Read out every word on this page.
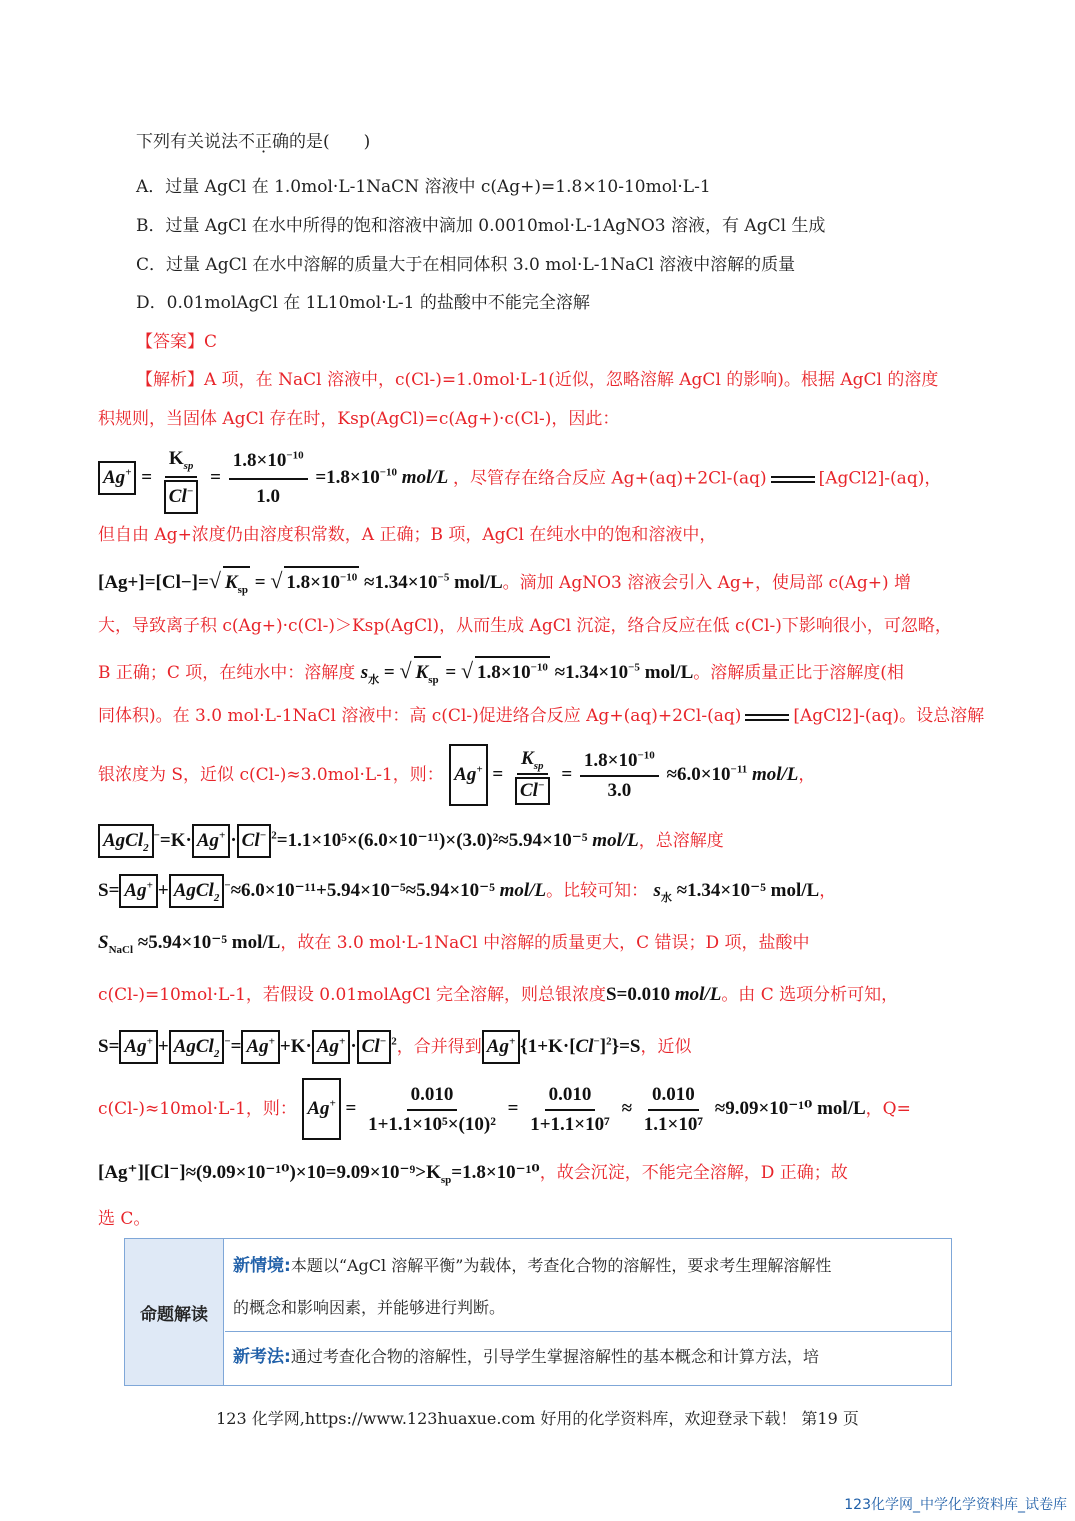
下列有关说法不正确的是(　　)
A．过量 AgCl 在 1.0mol·L-1NaCN 溶液中 c(Ag+)=1.8×10-10mol·L-1
B．过量 AgCl 在水中所得的饱和溶液中滴加 0.0010mol·L-1AgNO3 溶液，有 AgCl 生成
C．过量 AgCl 在水中溶解的质量大于在相同体积 3.0 mol·L-1NaCl 溶液中溶解的质量
D．0.01molAgCl 在 1L10mol·L-1 的盐酸中不能完全溶解
【答案】C
【解析】A 项，在 NaCl 溶液中，c(Cl-)=1.0mol·L-1(近似，忽略溶解 AgCl 的影响)。根据 AgCl 的溶度
积规则，当固体 AgCl 存在时，Ksp(AgCl)=c(Ag+)·c(Cl-)，因此：
$Ag^+ = \frac{K_{sp}}{Cl^-} = \frac{1.8\times 10^{-10}}{1.0} =1.8\times 10^{-10}$ mol/L ，尽管存在络合反应 Ag+(aq)+2Cl-(aq)	[AgCl2]-(aq)，
但自由 Ag+浓度仍由溶度积常数，A 正确；B 项，AgCl 在纯水中的饱和溶液中，
[Ag+]=[Cl−]=√ $K_{sp}$ = √ $1.8\times 10^{-10} \approx 1.34\times 10^{-5}$ mol/L。滴加 AgNO3 溶液会引入 Ag+，使局部 c(Ag+) 增
大，导致离子积 c(Ag+)·c(Cl-)＞Ksp(AgCl)，从而生成 AgCl 沉淀，络合反应在低 c(Cl-)下影响很小，可忽略，
B 正确；C 项，在纯水中：溶解度 $s_水$ = √ $K_{sp}$ = √ $1.8\times 10^{-10} \approx 1.34\times 10^{-5}$ mol/L。溶解质量正比于溶解度(相
同体积)。在 3.0 mol·L-1NaCl 溶液中：高 c(Cl-)促进络合反应 Ag+(aq)+2Cl-(aq)	[AgCl2]-(aq)。设总溶解
银浓度为 S，近似 c(Cl-)≈3.0mol·L-1，则： $Ag^+ = \frac{K_{sp}}{Cl^-} = \frac{1.8\times 10^{-10}}{3.0} \approx 6.0\times 10^{-11}$ mol/L，
AgCl$_2$−=K· Ag+ · Cl− $^2$=1.1×10⁵×(6.0×10⁻¹¹)×(3.0)²≈5.94×10⁻⁵ mol/L，总溶解度
S= Ag+ + AgCl$_2$−≈6.0×10⁻¹¹+5.94×10⁻⁵≈5.94×10⁻⁵ mol/L。比较可知： $s_水 \approx 1.34\times 10^{-5}$ mol/L，
$S_{NaCl} \approx 5.94\times 10^{-5}$ mol/L，故在 3.0 mol·L-1NaCl 中溶解的质量更大，C 错误；D 项，盐酸中
c(Cl-)=10mol·L-1，若假设 0.01molAgCl 完全溶解，则总银浓度S=0.010 mol/L。由 C 选项分析可知，
S= Ag+ + AgCl$_2$−= Ag+ +K· Ag+ · Cl− $^2$，合并得到 Ag+ $\{1+K\cdot[Cl^-]^2\}=S$，近似
c(Cl-)≈10mol·L-1，则： $Ag^+ = \frac{0.010}{\text{1+1.1×10⁵×(10)²}} = \frac{0.010}{\text{1+1.1×10⁷}} \approx \frac{0.010}{\text{1.1×10⁷}} \approx 9.09\times 10^{-10}$ mol/L，Q=
$[Ag^+][Cl^-]\approx(9.09\times 10^{-10})\times 10=9.09\times 10^{-9}>K_{sp}=1.8\times 10^{-10}$，故会沉淀，不能完全溶解，D 正确；故
选 C。
命题解读
新情境:本题以“AgCl 溶解平衡”为载体，考查化合物的溶解性，要求考生理解溶解性
的概念和影响因素，并能够进行判断。
新考法:通过考查化合物的溶解性，引导学生掌握溶解性的基本概念和计算方法，培
123 化学网,https://www.123huaxue.com 好用的化学资料库，欢迎登录下载！ 第19 页
123化学网_中学化学资料库_试卷库
